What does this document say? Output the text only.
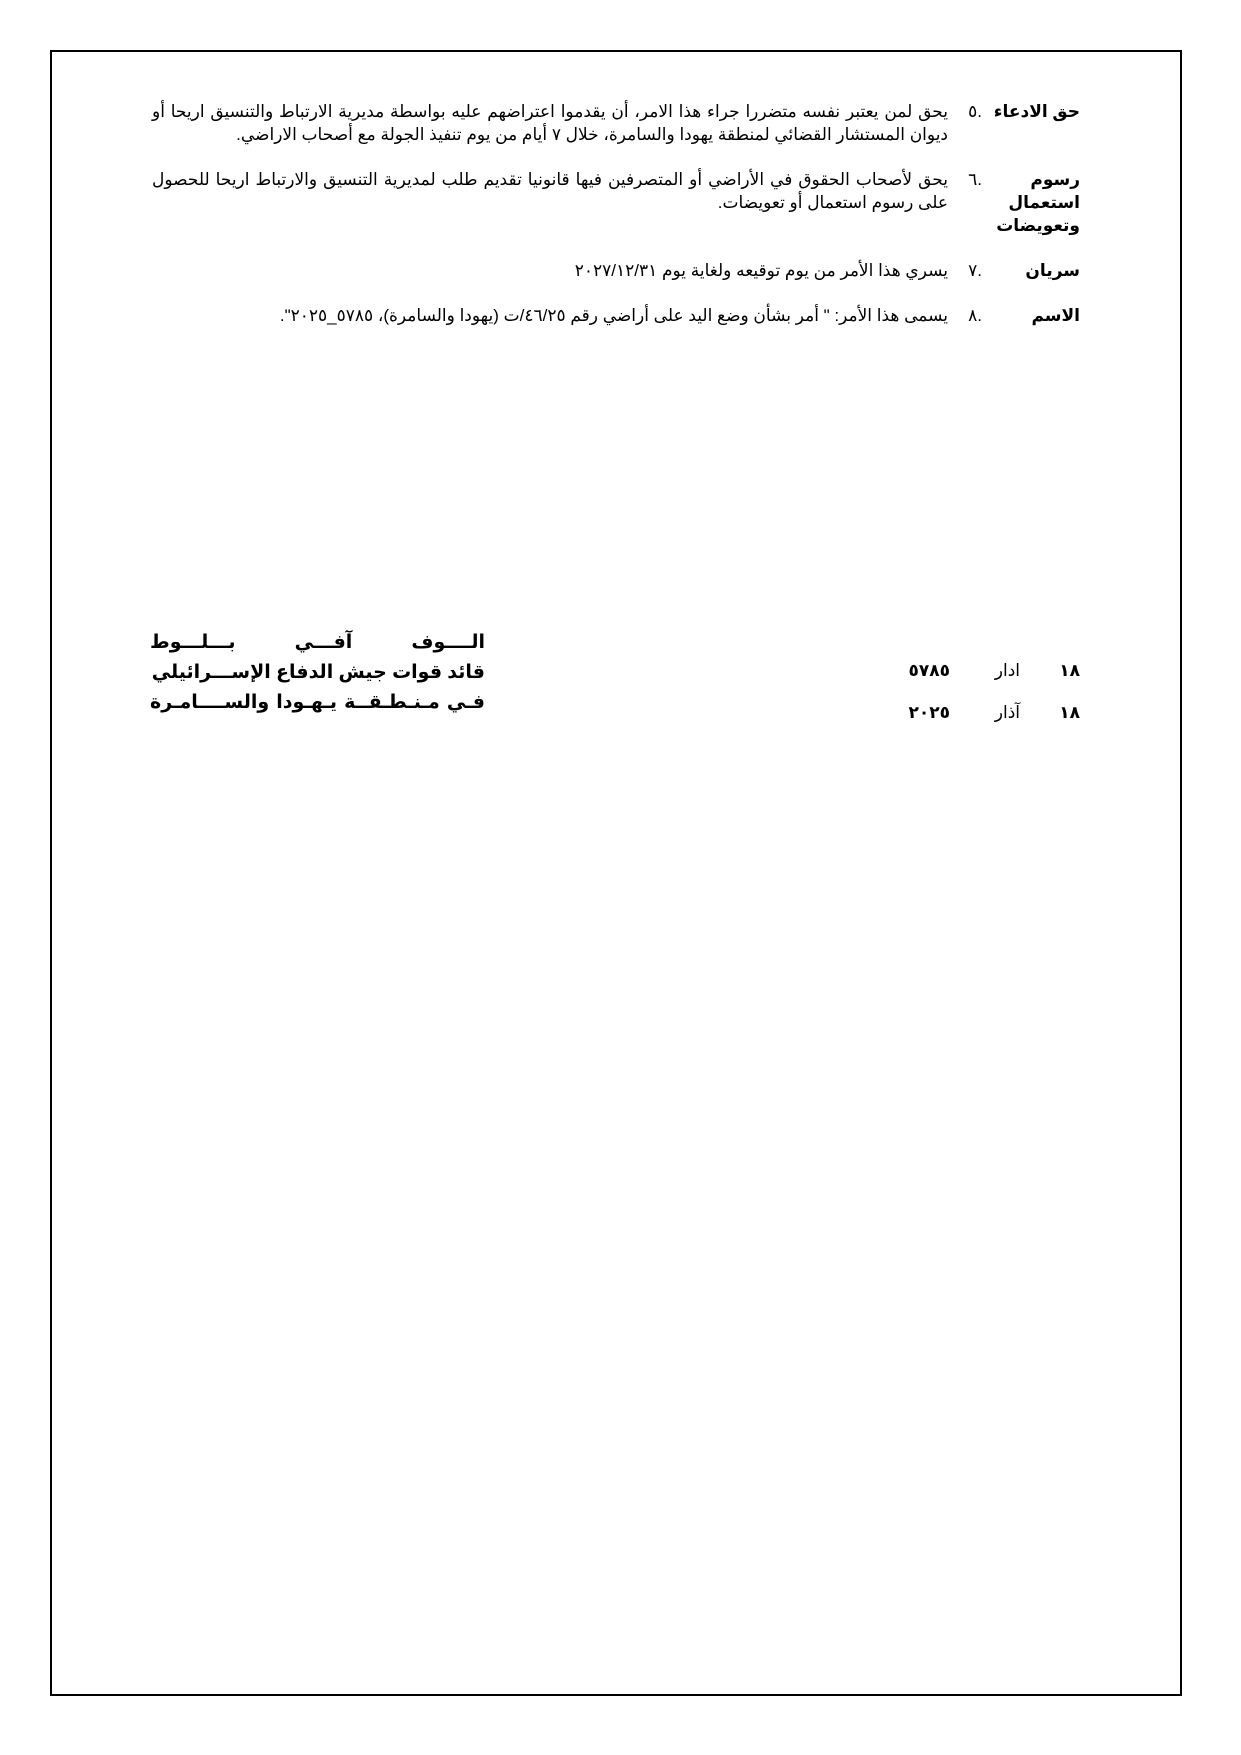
حق الادعاء
.٥
يحق لمن يعتبر نفسه متضررا جراء هذا الامر، أن يقدموا اعتراضهم عليه بواسطة مديرية الارتباط والتنسيق اريحا أو ديوان المستشار القضائي لمنطقة يهودا والسامرة، خلال ٧ أيام من يوم تنفيذ الجولة مع أصحاب الاراضي.
رسوم استعمال وتعويضات
.٦
يحق لأصحاب الحقوق في الأراضي أو المتصرفين فيها قانونيا تقديم طلب لمديرية التنسيق والارتباط اريحا للحصول على رسوم استعمال أو تعويضات.
سريان
.٧
يسري هذا الأمر من يوم توقيعه ولغاية يوم ٢٠٢٧/١٢/٣١
الاسم
.٨
يسمى هذا الأمر: " أمر بشأن وضع اليد على أراضي رقم ٤٦/٢٥/ت (يهودا والسامرة)، ٥٧٨٥_٢٠٢٥".
١٨
ادار
٥٧٨٥
١٨
آذار
٢٠٢٥
الــــوف آفـــي بـــلـــوط
قائد قوات جيش الدفاع الإســـرائيلي
فـي مـنـطـقــة يـهـودا والســــامـرة
